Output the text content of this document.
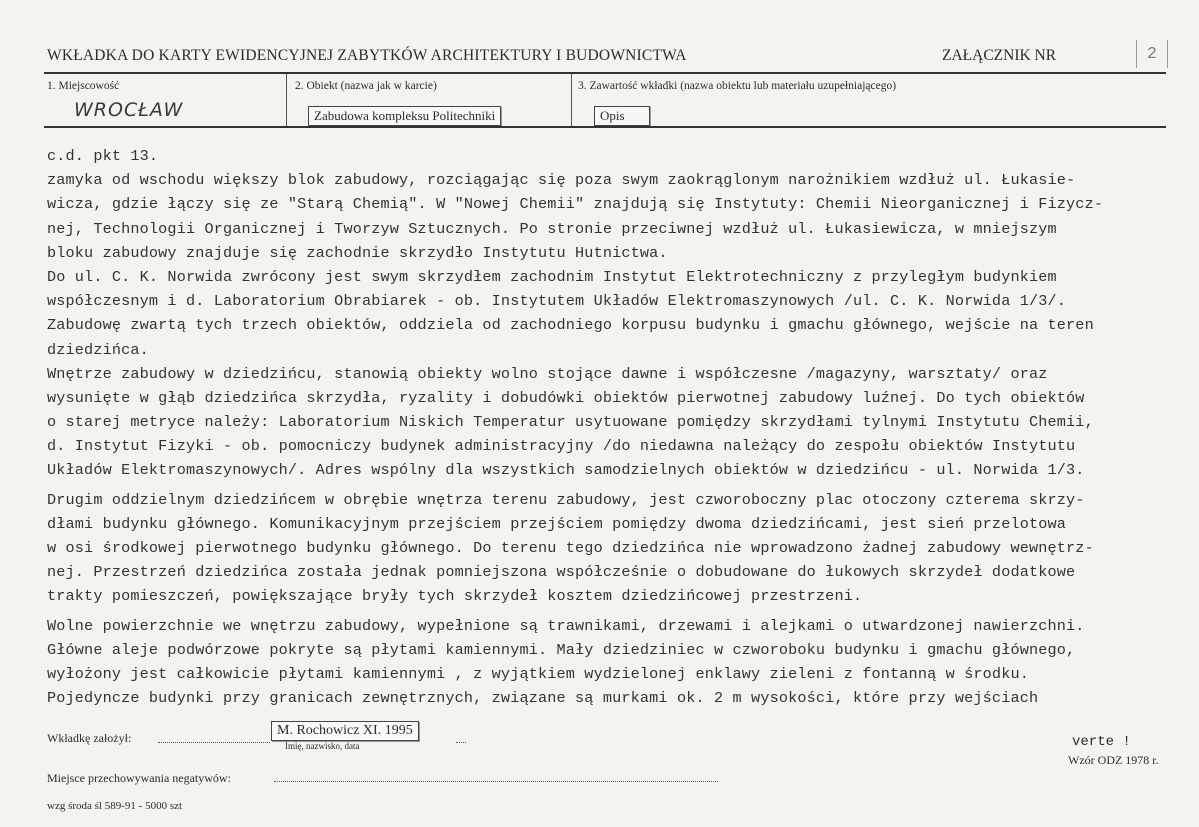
WKŁADKA DO KARTY EWIDENCYJNEJ ZABYTKÓW ARCHITEKTURY I BUDOWNICTWA	ZAŁĄCZNIK NR	2
1. Miejscowość
WROCŁAW
2. Obiekt (nazwa jak w karcie)
Zabudowa kompleksu Politechniki
3. Zawartość wkładki (nazwa obiektu lub materiału uzupełniającego)
Opis
c.d. pkt 13.
zamyka od wschodu większy blok zabudowy, rozciągając się poza swym zaokrąglonym narożnikiem wzdłuż ul. Łukasie-
wicza, gdzie łączy się ze "Starą Chemią". W "Nowej Chemii" znajdują się Instytuty: Chemii Nieorganicznej i Fizycz-
nej, Technologii Organicznej i Tworzyw Sztucznych. Po stronie przeciwnej wzdłuż ul. Łukasiewicza, w mniejszym
bloku zabudowy znajduje się zachodnie skrzydło Instytutu Hutnictwa.
Do ul. C. K. Norwida zwrócony jest swym skrzydłem zachodnim Instytut Elektrotechniczny z przyległym budynkiem
współczesnym i d. Laboratorium Obrabiarek - ob. Instytutem Układów Elektromaszynowych /ul. C. K. Norwida 1/3/.
Zabudowę zwartą tych trzech obiektów, oddziela od zachodniego korpusu budynku i gmachu głównego, wejście na teren
dziedzińca.
Wnętrze zabudowy w dziedzińcu, stanowią obiekty wolno stojące dawne i współczesne /magazyny, warsztaty/ oraz
wysunięte w głąb dziedzińca skrzydła, ryzality i dobudówki obiektów pierwotnej zabudowy luźnej. Do tych obiektów
o starej metryce należy: Laboratorium Niskich Temperatur usytuowane pomiędzy skrzydłami tylnymi Instytutu Chemii,
d. Instytut Fizyki - ob. pomocniczy budynek administracyjny /do niedawna należący do zespołu obiektów Instytutu
Układów Elektromaszynowych/. Adres wspólny dla wszystkich samodzielnych obiektów w dziedzińcu - ul. Norwida 1/3.
Drugim oddzielnym dziedzińcem w obrębie wnętrza terenu zabudowy, jest czworoboczny plac otoczony czterema skrzy-
dłami budynku głównego. Komunikacyjnym przejściem przejściem pomiędzy dwoma dziedzińcami, jest sień przelotowa
w osi środkowej pierwotnego budynku głównego. Do terenu tego dziedzińca nie wprowadzono żadnej zabudowy wewnętrz-
nej. Przestrzeń dziedzińca została jednak pomniejszona współcześnie o dobudowane do łukowych skrzydeł dodatkowe
trakty pomieszczeń, powiększające bryły tych skrzydeł kosztem dziedzińcowej przestrzeni.
Wolne powierzchnie we wnętrzu zabudowy, wypełnione są trawnikami, drzewami i alejkami o utwardzonej nawierzchni.
Główne aleje podwórzowe pokryte są płytami kamiennymi. Mały dziedziniec w czworoboku budynku i gmachu głównego,
wyłożony jest całkowicie płytami kamiennymi , z wyjątkiem wydzielonej enklawy zieleni z fontanną w środku.
Pojedyncze budynki przy granicach zewnętrznych, związane są murkami ok. 2 m wysokości, które przy wejściach
Wkładkę założył:	M. Rochowicz XI. 1995
Imię, nazwisko, data	verte !
Wzór ODZ 1978 r.
Miejsce przechowywania negatywów:
wzg środa śl 589-91 - 5000 szt
